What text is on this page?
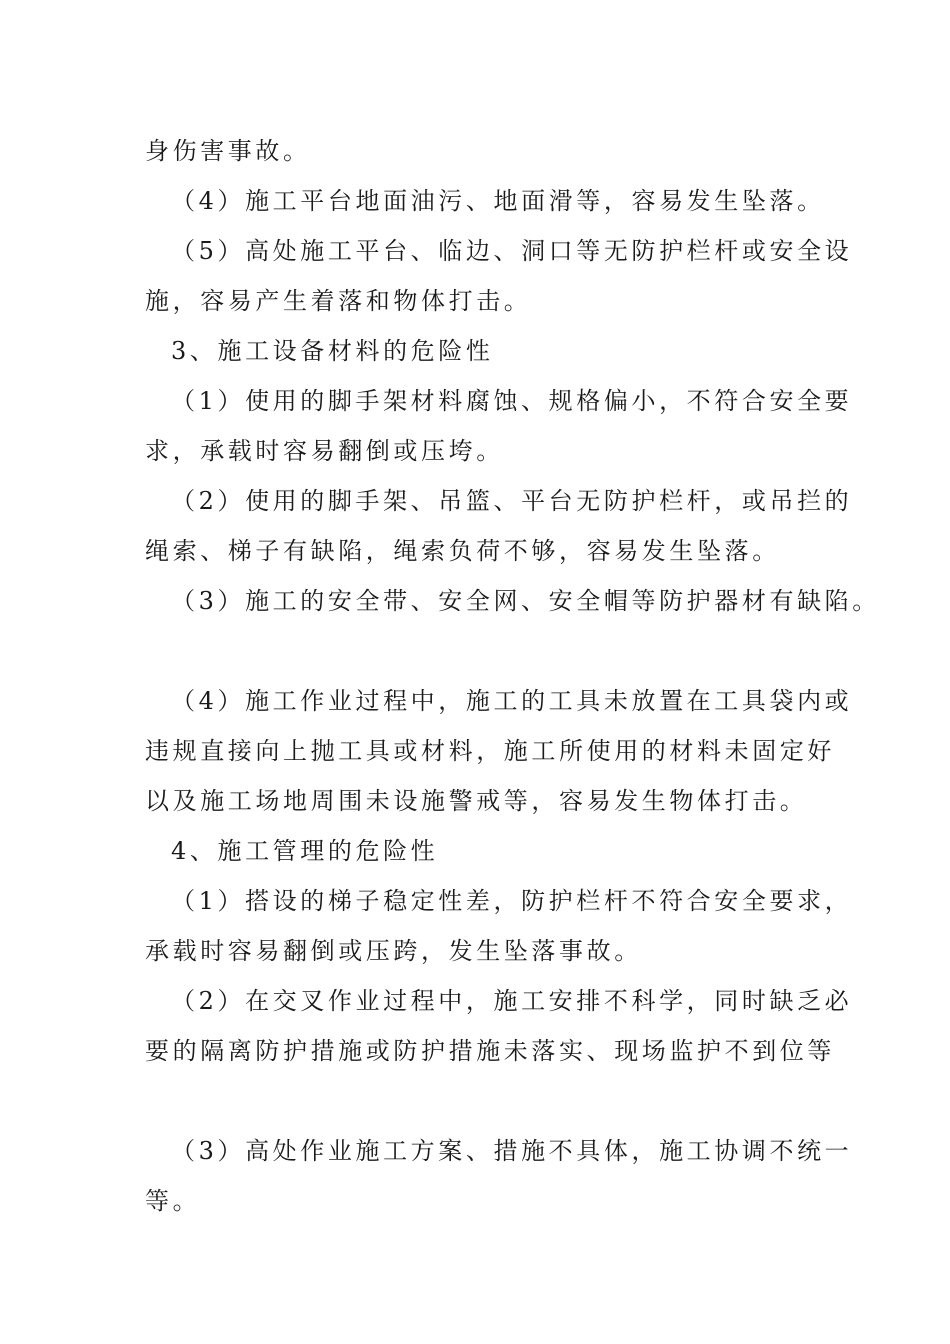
身伤害事故。
（4）施工平台地面油污、地面滑等，容易发生坠落。
（5）高处施工平台、临边、洞口等无防护栏杆或安全设
施，容易产生着落和物体打击。
3、施工设备材料的危险性
（1）使用的脚手架材料腐蚀、规格偏小，不符合安全要
求，承载时容易翻倒或压垮。
（2）使用的脚手架、吊篮、平台无防护栏杆，或吊拦的
绳索、梯子有缺陷，绳索负荷不够，容易发生坠落。
（3）施工的安全带、安全网、安全帽等防护器材有缺陷。
（4）施工作业过程中，施工的工具未放置在工具袋内或
违规直接向上抛工具或材料，施工所使用的材料未固定好
以及施工场地周围未设施警戒等，容易发生物体打击。
4、施工管理的危险性
（1）搭设的梯子稳定性差，防护栏杆不符合安全要求，
承载时容易翻倒或压跨，发生坠落事故。
（2）在交叉作业过程中，施工安排不科学，同时缺乏必
要的隔离防护措施或防护措施未落实、现场监护不到位等
（3）高处作业施工方案、措施不具体，施工协调不统一
等。
